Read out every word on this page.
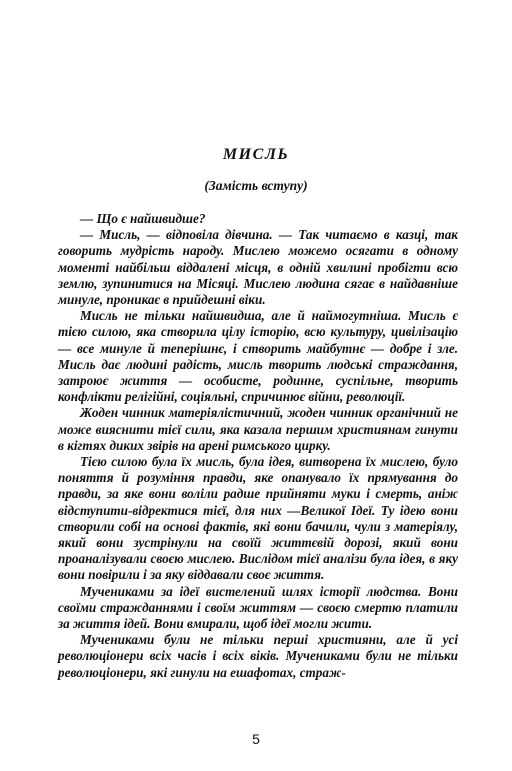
МИСЛЬ
(Замість вступу)

— Що є найшвидше?

— Мисль, — відповіла дівчина. — Так читаємо в казці, так говорить мудрість народу. Мислею можемо осягати в одному моменті найбільш віддалені місця, в одній хвилині пробігти всю землю, зупинитися на Місяці. Мислею людина сягає в найдавніше минуле, проникає в прийдешні віки.

Мисль не тільки найшвидша, але й наймогутніша. Мисль є тією силою, яка створила цілу історію, всю культуру, цивілізацію — все минуле й теперішнє, і створить майбутнє — добре і зле. Мисль дає людині радість, мисль творить людські страждання, затроює життя — особисте, родинне, суспільне, творить конфлікти релігійні, соціяльні, спричинює війни, революції.

Жоден чинник матеріялістичний, жоден чинник органічний не може вияснити тієї сили, яка казала першим християнам гинути в кігтях диких звірів на арені римського цирку.

Тією силою була їх мисль, була ідея, витворена їх мислею, було поняття й розуміння правди, яке опанувало їх прямування до правди, за яке вони воліли радше прийняти муки і смерть, аніж відступити-відректися тієї, для них —Великої Ідеї. Ту ідею вони створили собі на основі фактів, які вони бачили, чули з матеріялу, який вони зустрінули на своїй життєвій дорозі, який вони проаналізували своєю мислею. Вислідом тієї аналізи була ідея, в яку вони повірили і за яку віддавали своє життя.

Мучениками за ідеї вистелений шлях історії людства. Вони своїми стражданнями і своїм життям — своєю смертю платили за життя ідей. Вони вмирали, щоб ідеї могли жити.

Мучениками були не тільки перші християни, але й усі революціонери всіх часів і всіх віків. Мучениками були не тільки революціонери, які гинули на ешафотах, страж-

5
